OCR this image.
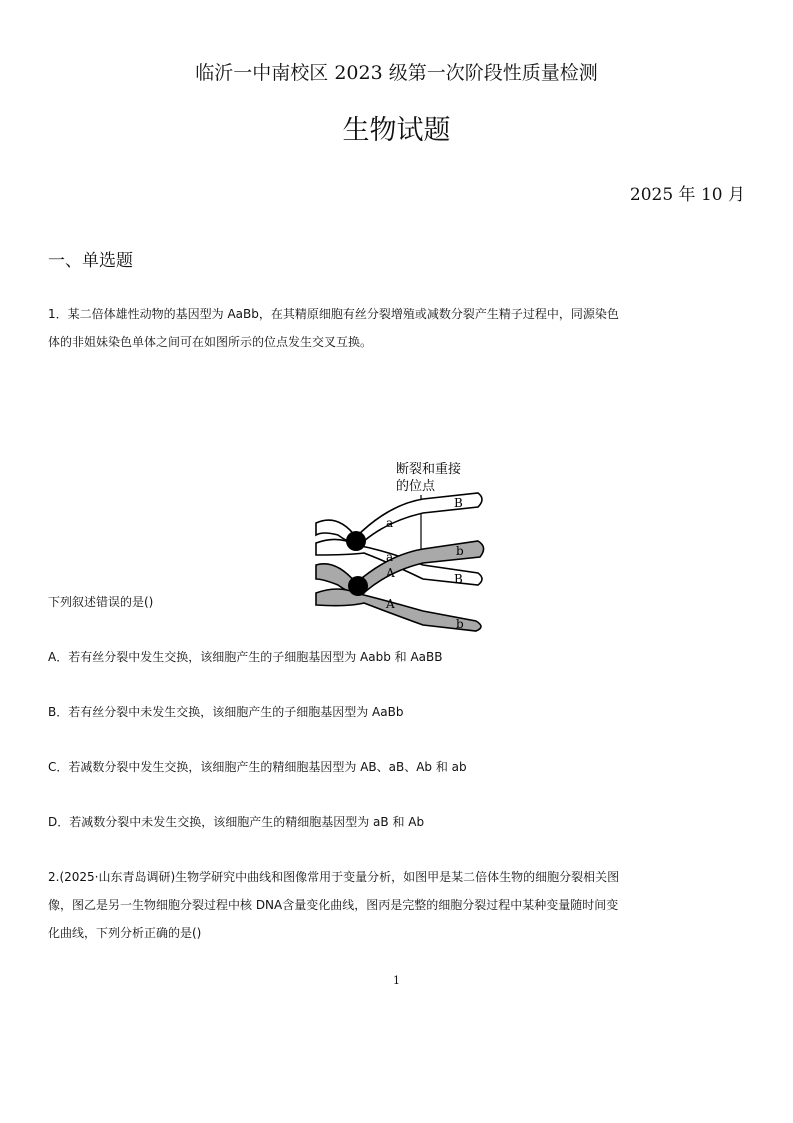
临沂一中南校区 2023 级第一次阶段性质量检测
生物试题
2025 年 10 月
一、单选题
1．某二倍体雄性动物的基因型为 AaBb，在其精原细胞有丝分裂增殖或减数分裂产生精子过程中，同源染色
体的非姐妹染色单体之间可在如图所示的位点发生交叉互换。
断裂和重接
的位点
a
B
a	b
A	B
A
b
下列叙述错误的是()
A．若有丝分裂中发生交换，该细胞产生的子细胞基因型为 Aabb 和 AaBB
B．若有丝分裂中未发生交换，该细胞产生的子细胞基因型为 AaBb
C．若减数分裂中发生交换，该细胞产生的精细胞基因型为 AB、aB、Ab 和 ab
D．若减数分裂中未发生交换，该细胞产生的精细胞基因型为 aB 和 Ab
2.(2025·山东青岛调研)生物学研究中曲线和图像常用于变量分析，如图甲是某二倍体生物的细胞分裂相关图
像，图乙是另一生物细胞分裂过程中核 DNA含量变化曲线，图丙是完整的细胞分裂过程中某种变量随时间变
化曲线，下列分析正确的是()
1
